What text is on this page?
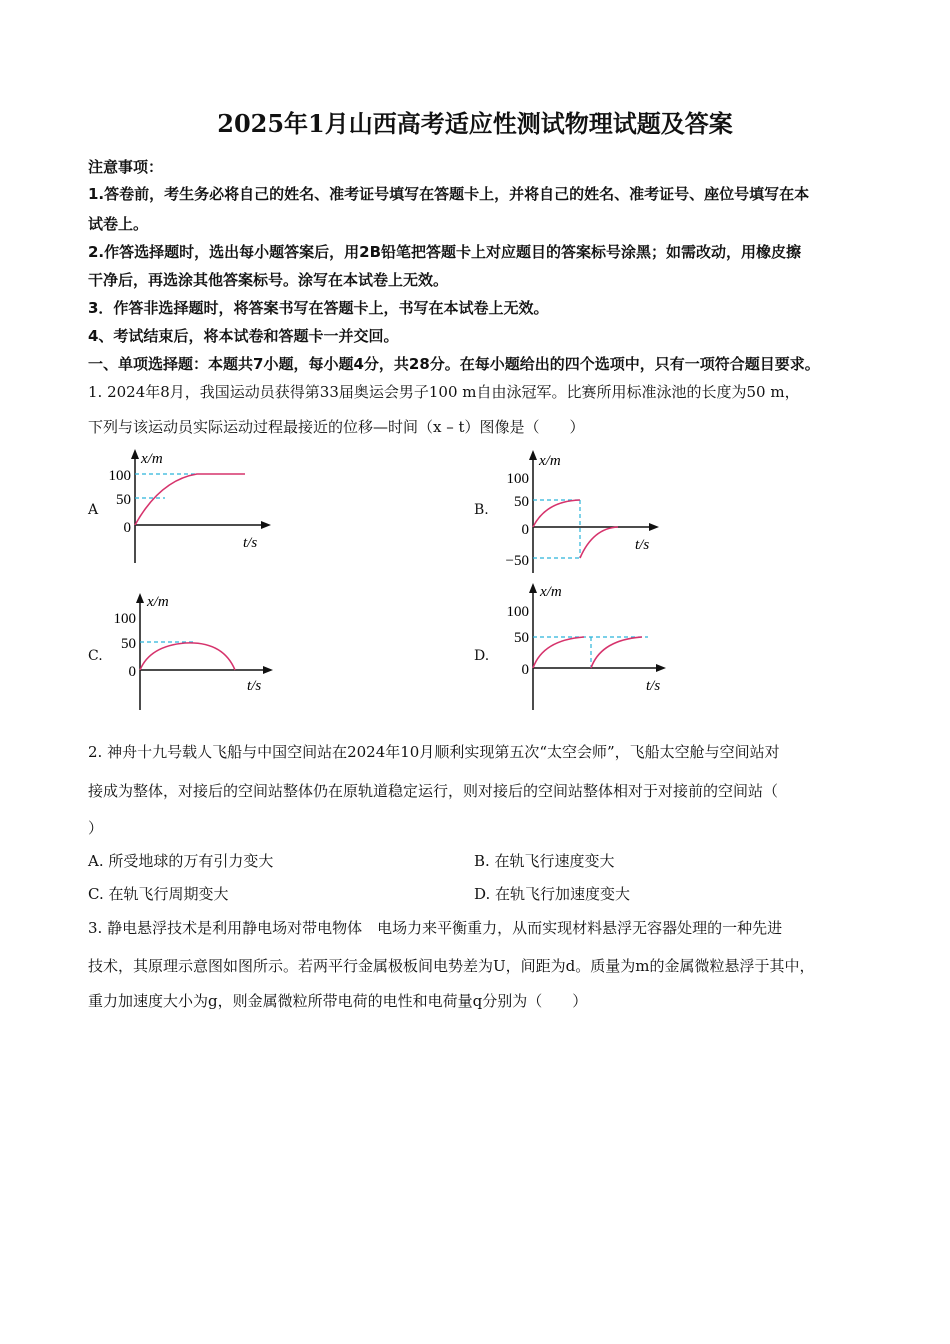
2025年1月山西高考适应性测试物理试题及答案
注意事项：
1.答卷前，考生务必将自己的姓名、准考证号填写在答题卡上，并将自己的姓名、准考证号、座位号填写在本
试卷上。
2.作答选择题时，选出每小题答案后，用2B铅笔把答题卡上对应题目的答案标号涂黑；如需改动，用橡皮擦
干净后，再选涂其他答案标号。涂写在本试卷上无效。
3．作答非选择题时，将答案书写在答题卡上，书写在本试卷上无效。
4、考试结束后，将本试卷和答题卡一并交回。
一、单项选择题：本题共7小题，每小题4分，共28分。在每小题给出的四个选项中，只有一项符合题目要求。
1. 2024年8月，我国运动员获得第33届奥运会男子100 m自由泳冠军。比赛所用标准泳池的长度为50 m，
下列与该运动员实际运动过程最接近的位移—时间（x – t）图像是（　　）
A
x/m
t/s
100
50
0
B.
x/m
t/s
100
50
0
−50
C.
x/m
t/s
100
50
0
D.
x/m
t/s
100
50
0
2. 神舟十九号载人飞船与中国空间站在2024年10月顺利实现第五次“太空会师”，飞船太空舱与空间站对
接成为整体，对接后的空间站整体仍在原轨道稳定运行，则对接后的空间站整体相对于对接前的空间站（
）
A. 所受地球的万有引力变大	B. 在轨飞行速度变大
C. 在轨飞行周期变大	D. 在轨飞行加速度变大
3. 静电悬浮技术是利用静电场对带电物体　电场力来平衡重力，从而实现材料悬浮无容器处理的一种先进
技术，其原理示意图如图所示。若两平行金属极板间电势差为U，间距为d。质量为m的金属微粒悬浮于其中，
重力加速度大小为g，则金属微粒所带电荷的电性和电荷量q分别为（　　）
